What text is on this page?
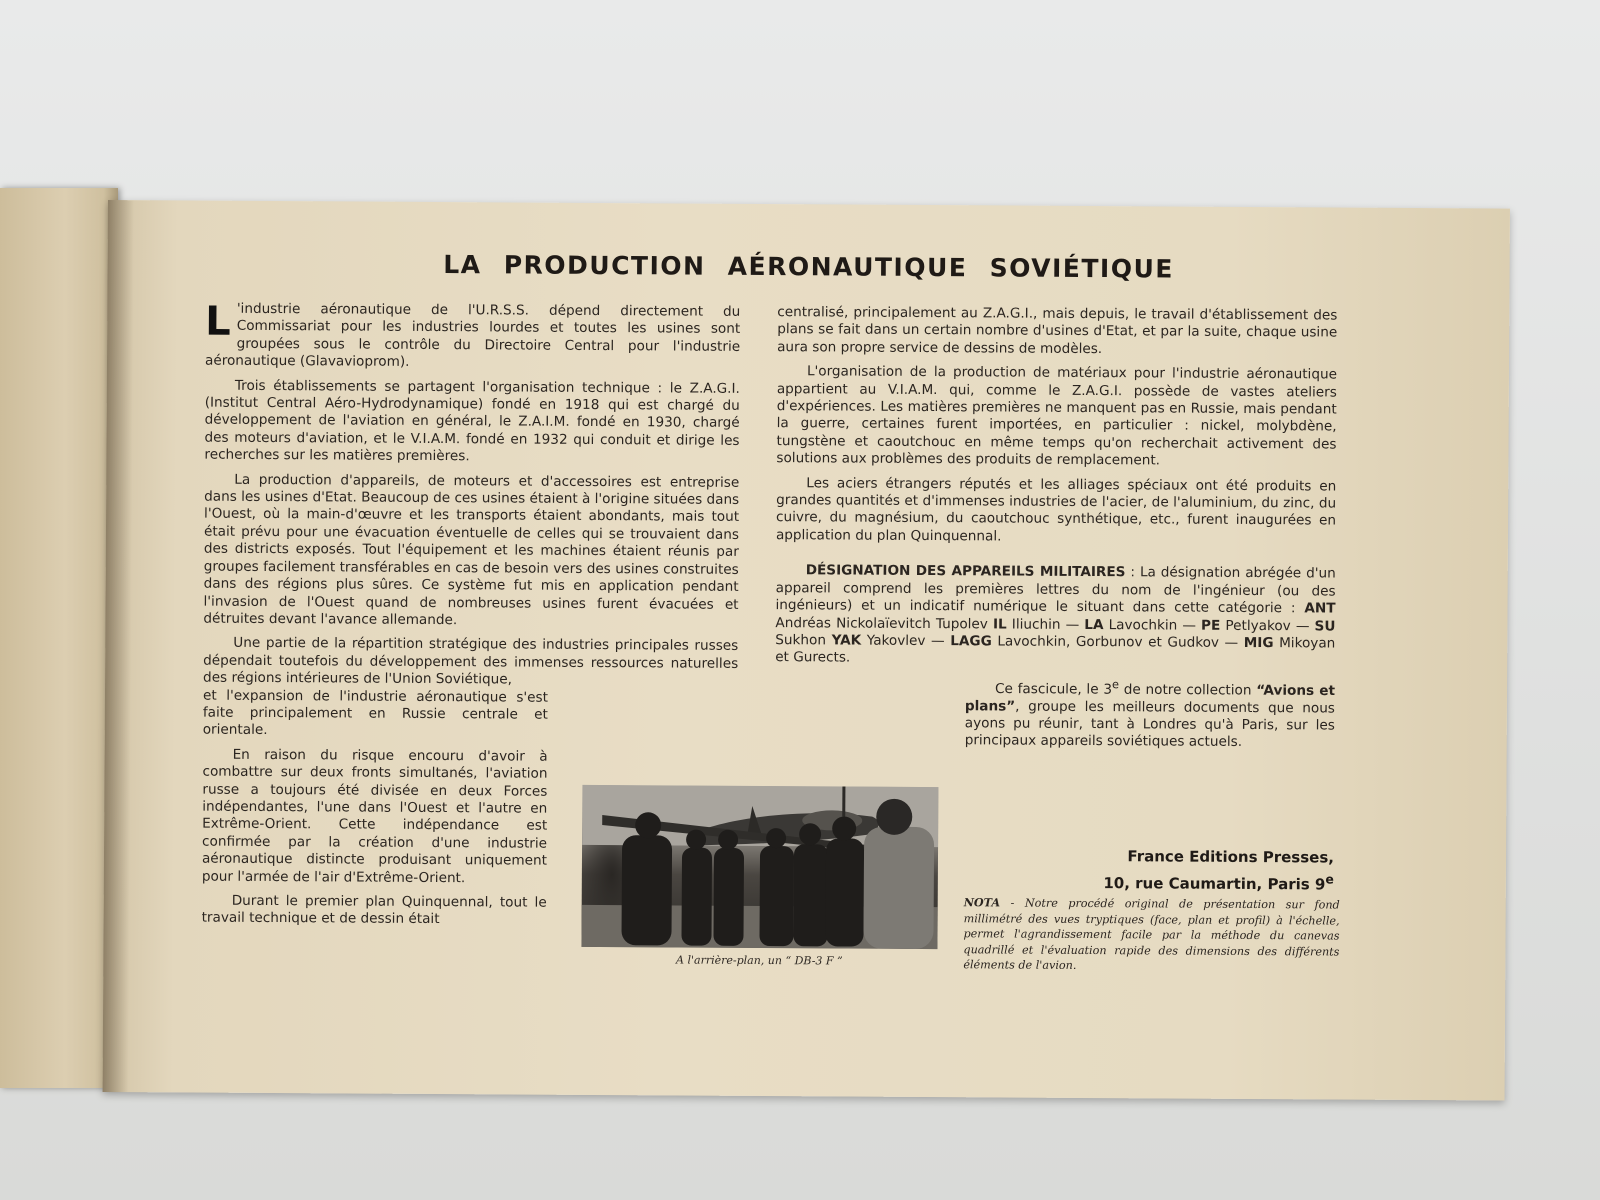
LA PRODUCTION AÉRONAUTIQUE SOVIÉTIQUE

L 'industrie aéronautique de l'U.R.S.S. dépend directement du Commissariat pour les industries lourdes et toutes les usines sont groupées sous le contrôle du Directoire Central pour l'industrie aéronautique (Glavavioprom).

Trois établissements se partagent l'organisation technique : le Z.A.G.I. (Institut Central Aéro-Hydrodynamique) fondé en 1918 qui est chargé du développement de l'aviation en général, le Z.A.I.M. fondé en 1930, chargé des moteurs d'aviation, et le V.I.A.M. fondé en 1932 qui conduit et dirige les recherches sur les matières premières.

La production d'appareils, de moteurs et d'accessoires est entreprise dans les usines d'Etat. Beaucoup de ces usines étaient à l'origine situées dans l'Ouest, où la main-d'œuvre et les transports étaient abondants, mais tout était prévu pour une évacuation éventuelle de celles qui se trouvaient dans des districts exposés. Tout l'équipement et les machines étaient réunis par groupes facilement transférables en cas de besoin vers des usines construites dans des régions plus sûres. Ce système fut mis en application pendant l'invasion de l'Ouest quand de nombreuses usines furent évacuées et détruites devant l'avance allemande.

Une partie de la répartition stratégique des industries principales russes dépendait toutefois du développement des immenses ressources naturelles des régions intérieures de l'Union Soviétique,

et l'expansion de l'industrie aéronautique s'est faite principalement en Russie centrale et orientale.

En raison du risque encouru d'avoir à combattre sur deux fronts simultanés, l'aviation russe a toujours été divisée en deux Forces indépendantes, l'une dans l'Ouest et l'autre en Extrême-Orient. Cette indépendance est confirmée par la création d'une industrie aéronautique distincte produisant uniquement pour l'armée de l'air d'Extrême-Orient.

Durant le premier plan Quinquennal, tout le travail technique et de dessin était

A l'arrière-plan, un “ DB-3 F ”

centralisé, principalement au Z.A.G.I., mais depuis, le travail d'établissement des plans se fait dans un certain nombre d'usines d'Etat, et par la suite, chaque usine aura son propre service de dessins de modèles.

L'organisation de la production de matériaux pour l'industrie aéronautique appartient au V.I.A.M. qui, comme le Z.A.G.I. possède de vastes ateliers d'expériences. Les matières premières ne manquent pas en Russie, mais pendant la guerre, certaines furent importées, en particulier : nickel, molybdène, tungstène et caoutchouc en même temps qu'on recherchait activement des solutions aux problèmes des produits de remplacement.

Les aciers étrangers réputés et les alliages spéciaux ont été produits en grandes quantités et d'immenses industries de l'acier, de l'aluminium, du zinc, du cuivre, du magnésium, du caoutchouc synthétique, etc., furent inaugurées en application du plan Quinquennal.

DÉSIGNATION DES APPAREILS MILITAIRES : La désignation abrégée d'un appareil comprend les premières lettres du nom de l'ingénieur (ou des ingénieurs) et un indicatif numérique le situant dans cette catégorie : ANT Andréas Nickolaïevitch Tupolev IL Iliuchin — LA Lavochkin — PE Petlyakov — SU Sukhon YAK Yakovlev — LAGG Lavochkin, Gorbunov et Gudkov — MIG Mikoyan et Gurects.

Ce fascicule, le 3e de notre collection “Avions et plans”, groupe les meilleurs documents que nous ayons pu réunir, tant à Londres qu'à Paris, sur les principaux appareils soviétiques actuels.

France Editions Presses,
10, rue Caumartin, Paris 9e
NOTA - Notre procédé original de présentation sur fond millimétré des vues tryptiques (face, plan et profil) à l'échelle, permet l'agrandissement facile par la méthode du canevas quadrillé et l'évaluation rapide des dimensions des différents éléments de l'avion.
